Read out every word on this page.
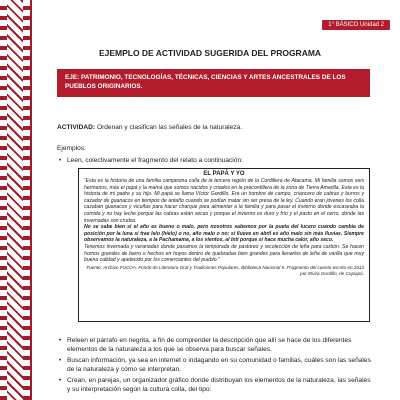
1° BÁSICO Unidad 2
EJEMPLO DE ACTIVIDAD SUGERIDA DEL PROGRAMA
EJE: PATRIMONIO, TECNOLOGÍAS, TÉCNICAS, CIENCIAS Y ARTES ANCESTRALES DE LOS PUEBLOS ORIGINARIOS.
ACTIVIDAD: Ordenan y clasifican las señales de la naturaleza.
Ejemplos:
• Leen, colectivamente el fragmento del relato a continuación:
EL PAPÁ Y YO
“Esta es la historia de una familia campesina colla de la tercera región de la Cordillera de Atacama. Mi familia somos seis hermanos, más el papá y la mamá que somos nacidos y criados en la precordillera de la zona de Tierra Amarilla. Esta es la historia de mi padre y su hijo. Mi papá se llama Víctor Gordillo. Era un hombre de campo, criancero de cabras y burros y cazador de guanacos en tiempos de antaño cuando se podían matar sin ser presa de la ley. Cuando eran jóvenes los colla cazaban guanacos y vicuñas para hacer charque para alimentar a la familia y para pasar el invierno donde escaseaba la comida y no hay leche porque las cabras están secas y porque el invierno es duro y frío y el pasto en el cerro, donde las invernadas son crudas.
No se sabe bien si el año es bueno o malo, pero nosotros sabemos por la pueta del lucero cuando cambia de posición por la luna si trae lelo (hielo) o no, año malo o no; si llueve en abril es año malo sin más lluvias. Siempre observamos la naturaleza, a la Pachamama, a los vientos, al Inti porque sí hace mucha calor, año seco.
Tenemos invernada y veranadas donde pasamos la temporada de pastoreo y recolección de leña para carbón. Se hacen hornos grandes de barro o hechos en hoyos dentro de quebradas bien grandes para llenarlos de leña de varilla que muy buena calidad y apetecido por los comerciantes del pueblo.”
Fuente: Archivo FUCOA, Fondo de Literatura Oral y Tradiciones Populares, Biblioteca Nacional 5. Fragmento del cuento escrito en 2013 por Elvira Gordillo, de Copiapó.
• Releen el párrafo en negrita, a fin de comprender la descripción que allí se hace de los diferentes elementos de la naturaleza a los que se observa para buscar señales.
• Buscan información, ya sea en internet o indagando en su comunidad o familias, cuáles son las señales de la naturaleza y cómo se interpretan.
• Crean, en parejas, un organizador gráfico donde distribuyan los elementos de la naturaleza, las señales y su interpretación según la cultura colla, del tipo:
